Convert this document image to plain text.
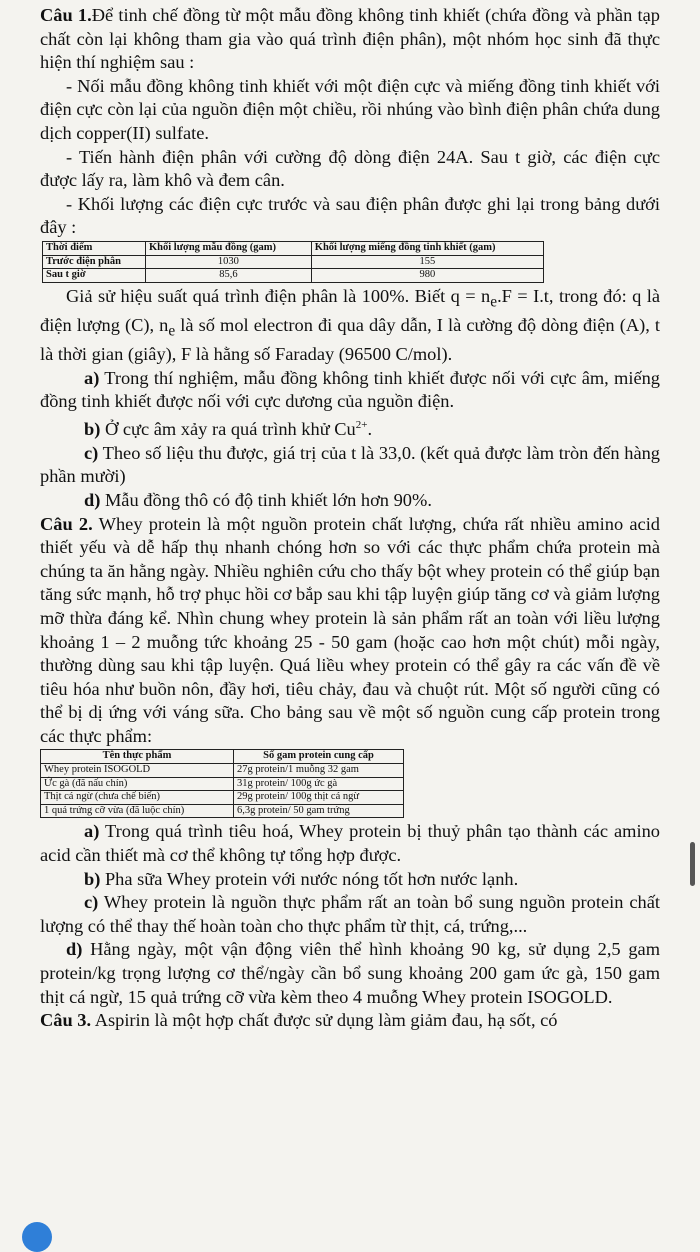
Câu 1.Để tinh chế đồng từ một mẫu đồng không tinh khiết (chứa đồng và phần tạp chất còn lại không tham gia vào quá trình điện phân), một nhóm học sinh đã thực hiện thí nghiệm sau :

- Nối mẫu đồng không tinh khiết với một điện cực và miếng đồng tinh khiết với điện cực còn lại của nguồn điện một chiều, rồi nhúng vào bình điện phân chứa dung dịch copper(II) sulfate.

- Tiến hành điện phân với cường độ dòng điện 24A. Sau t giờ, các điện cực được lấy ra, làm khô và đem cân.

- Khối lượng các điện cực trước và sau điện phân được ghi lại trong bảng dưới đây :

Thời điểm	Khối lượng mẫu đồng (gam)	Khối lượng miếng đồng tinh khiết (gam)
Trước điện phân	1030	155
Sau t giờ	85,6	980

Giả sử hiệu suất quá trình điện phân là 100%. Biết $q = n_e.F = I.t$, trong đó: q là điện lượng (C), $n_e$ là số mol electron đi qua dây dẫn, I là cường độ dòng điện (A), t là thời gian (giây), F là hằng số Faraday (96500 C/mol).

a) Trong thí nghiệm, mẫu đồng không tinh khiết được nối với cực âm, miếng đồng tinh khiết được nối với cực dương của nguồn điện.

b) Ở cực âm xảy ra quá trình khử $Cu^{2+}$.

c) Theo số liệu thu được, giá trị của t là 33,0. (kết quả được làm tròn đến hàng phần mười)

d) Mẫu đồng thô có độ tinh khiết lớn hơn 90%.

Câu 2. Whey protein là một nguồn protein chất lượng, chứa rất nhiều amino acid thiết yếu và dễ hấp thụ nhanh chóng hơn so với các thực phẩm chứa protein mà chúng ta ăn hằng ngày. Nhiều nghiên cứu cho thấy bột whey protein có thể giúp bạn tăng sức mạnh, hỗ trợ phục hồi cơ bắp sau khi tập luyện giúp tăng cơ và giảm lượng mỡ thừa đáng kể. Nhìn chung whey protein là sản phẩm rất an toàn với liều lượng khoảng 1 – 2 muỗng tức khoảng 25 - 50 gam (hoặc cao hơn một chút) mỗi ngày, thường dùng sau khi tập luyện. Quá liều whey protein có thể gây ra các vấn đề về tiêu hóa như buồn nôn, đầy hơi, tiêu chảy, đau và chuột rút. Một số người cũng có thể bị dị ứng với váng sữa. Cho bảng sau về một số nguồn cung cấp protein trong các thực phẩm:

Tên thực phẩm	Số gam protein cung cấp
Whey protein ISOGOLD	27g protein/1 muỗng 32 gam
Ức gà (đã nấu chín)	31g protein/ 100g ức gà
Thịt cá ngừ (chưa chế biến)	29g protein/ 100g thịt cá ngừ
1 quả trứng cỡ vừa (đã luộc chín)	6,3g protein/ 50 gam trứng

a) Trong quá trình tiêu hoá, Whey protein bị thuỷ phân tạo thành các amino acid cần thiết mà cơ thể không tự tổng hợp được.

b) Pha sữa Whey protein với nước nóng tốt hơn nước lạnh.

c) Whey protein là nguồn thực phẩm rất an toàn bổ sung nguồn protein chất lượng có thể thay thế hoàn toàn cho thực phẩm từ thịt, cá, trứng,...

d) Hằng ngày, một vận động viên thể hình khoảng 90 kg, sử dụng 2,5 gam protein/kg trọng lượng cơ thể/ngày cần bổ sung khoảng 200 gam ức gà, 150 gam thịt cá ngừ, 15 quả trứng cỡ vừa kèm theo 4 muỗng Whey protein ISOGOLD.

Câu 3. Aspirin là một hợp chất được sử dụng làm giảm đau, hạ sốt, có
